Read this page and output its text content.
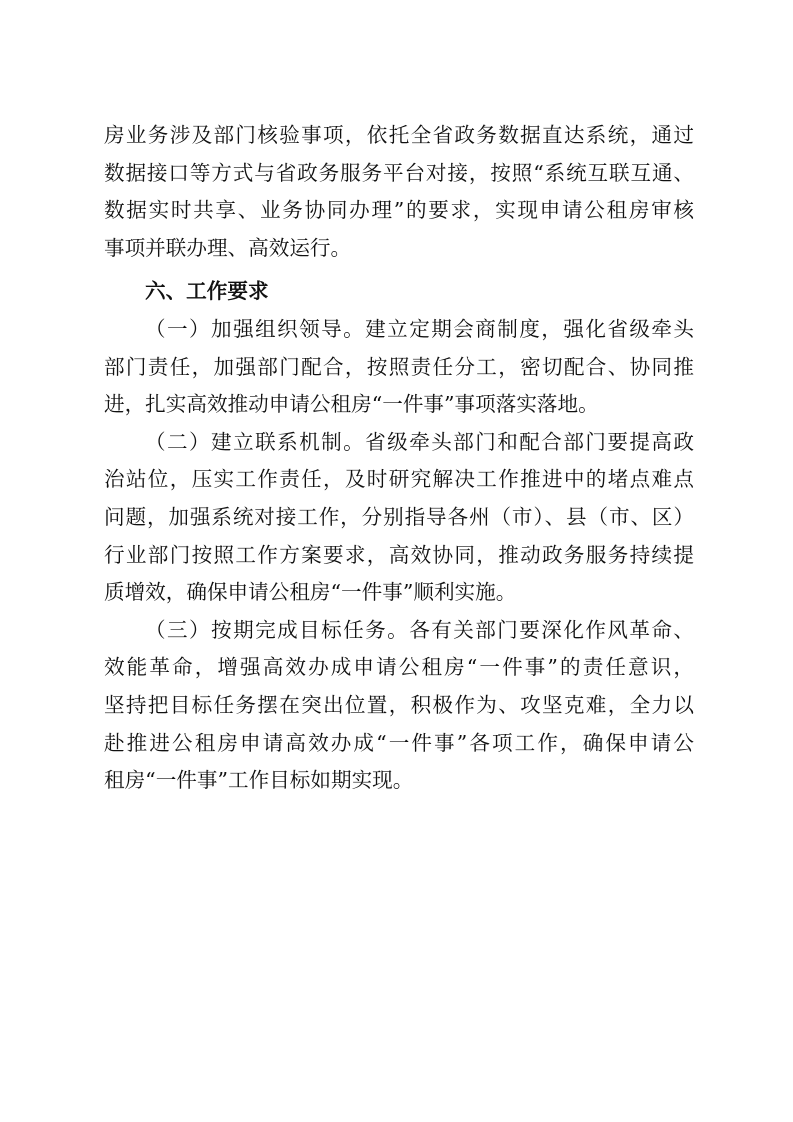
房业务涉及部门核验事项，依托全省政务数据直达系统，通过
数据接口等方式与省政务服务平台对接，按照“系统互联互通、
数据实时共享、业务协同办理”的要求，实现申请公租房审核
事项并联办理、高效运行。
六、工作要求
（一）加强组织领导。建立定期会商制度，强化省级牵头
部门责任，加强部门配合，按照责任分工，密切配合、协同推
进，扎实高效推动申请公租房“一件事”事项落实落地。
（二）建立联系机制。省级牵头部门和配合部门要提高政
治站位，压实工作责任，及时研究解决工作推进中的堵点难点
问题，加强系统对接工作，分别指导各州（市）、县（市、区）
行业部门按照工作方案要求，高效协同，推动政务服务持续提
质增效，确保申请公租房“一件事”顺利实施。
（三）按期完成目标任务。各有关部门要深化作风革命、
效能革命，增强高效办成申请公租房“一件事”的责任意识，
坚持把目标任务摆在突出位置，积极作为、攻坚克难，全力以
赴推进公租房申请高效办成“一件事”各项工作，确保申请公
租房“一件事”工作目标如期实现。
